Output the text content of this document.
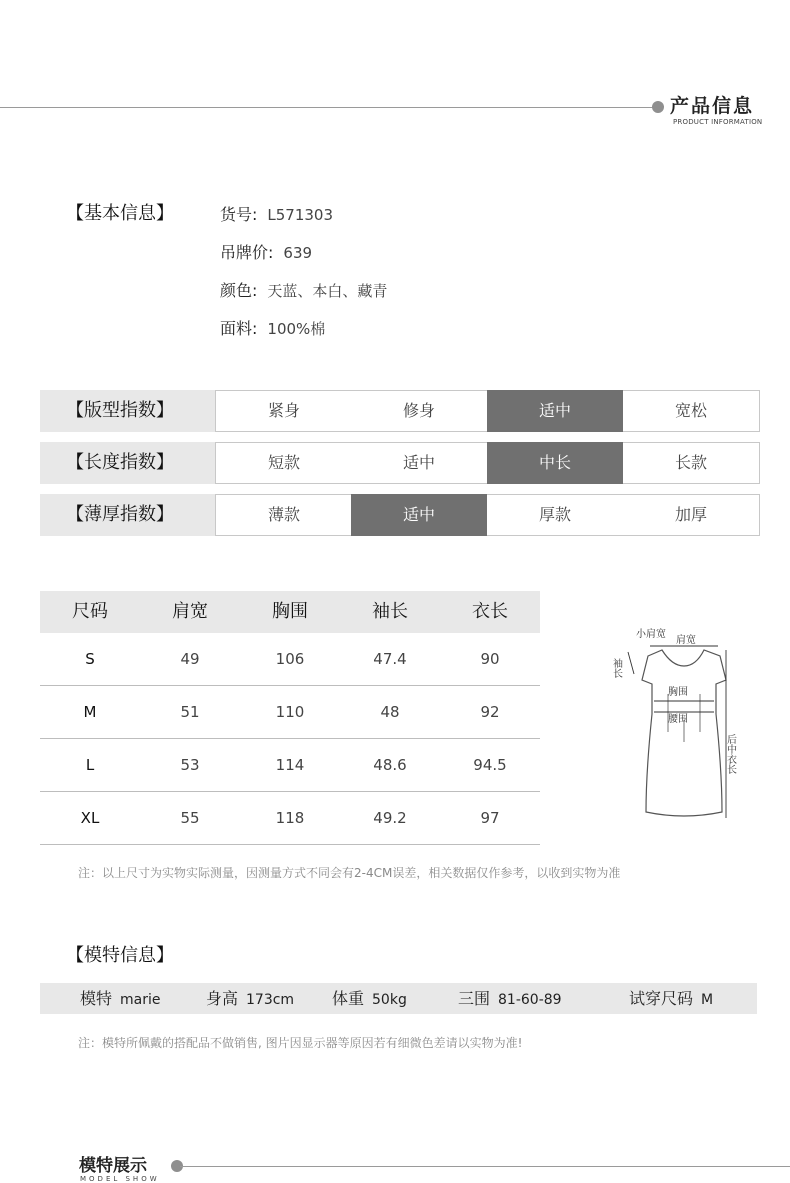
产品信息
PRODUCT INFORMATION
【基本信息】	货号: L571303
吊牌价: 639
颜色: 天蓝、本白、藏青
面料: 100%棉
【版型指数】	紧身	修身	适中	宽松
【长度指数】	短款	适中	中长	长款
【薄厚指数】	薄款	适中	厚款	加厚
尺码	肩宽	胸围	袖长	衣长
S	49	106	47.4	90
M	51	110	48	92
L	53	114	48.6	94.5
XL	55	118	49.2	97
小肩宽
肩宽
胸围
腰围
袖长
后中衣长
注：以上尺寸为实物实际测量，因测量方式不同会有2-4CM误差，相关数据仅作参考，以收到实物为准
【模特信息】
模特 marie	身高 173cm 体重 50kg	三围 81-60-89	试穿尺码 M
注：模特所佩戴的搭配品不做销售, 图片因显示器等原因若有细微色差请以实物为准!
模特展示
MODEL SHOW
